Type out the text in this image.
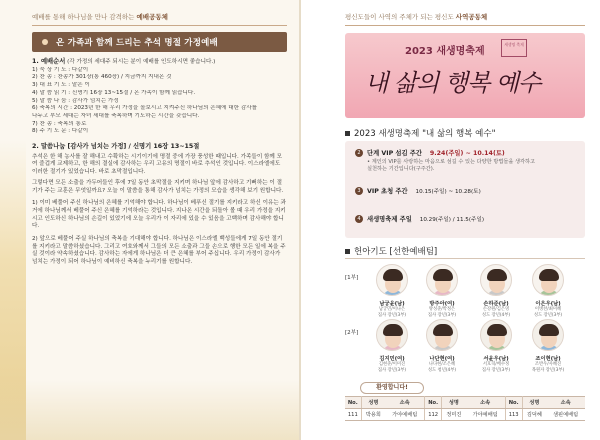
예배를 통해 하나님을 만나 감격하는 예배공동체
온 가족과 함께 드리는 추석 명절 가정예배
1. 예배순서 (각 가정의 세대주 되시는 분이 예배를 인도하시면 좋습니다.)
1) 묵 상 기 도 : 다같이
2) 찬 송 : 찬송가 301장(통 460장) / 지금까지 지내온 것
3) 대 표 기 도 : 맡은 이
4) 말 씀 읽 기 : 신명기 16장 13~15절 / 온 가족이 함께 읽습니다.
5) 말 씀 나 눔 : 감사가 넘치는 가정
6) 축복의 시간 : 2023년 한 해 우리 가정을 돌보시고 지켜주신 하나님의 은혜에 대한 감사를
나누고 부모 세대는 자녀 세대를 축복하며 기도하는 시간을 갖습니다.
7) 찬 송 : 축복의 통로
8) 주 기 도 문 : 다같이
2. 말씀나눔 [감사가 넘치는 가정] / 신명기 16장 13~15절

추석은 한 해 농사를 잘 해내고 수확하는 시기이기에 명절 중에 가장 풍성한 때입니다. 가족들이 함께 모여 즐겁게 교제하고, 한 해의 결실에 감사하는 우리 고유의 명절이 바로 추석인 것입니다. 이스라엘에도 이러한 절기가 있었습니다. 바로 초막절입니다.

그렇다면 모든 소출을 가두어들인 후에 7일 동안 초막절을 지키며 하나님 앞에 감사하고 기뻐하는 이 절기가 주는 교훈은 무엇일까요? 오늘 이 말씀을 통해 감사가 넘치는 가정의 모습을 생각해 보기 원합니다.

1) 이미 베풀어 주신 하나님의 은혜를 기억해야 합니다. 하나님이 베푸신 절기를 지키라고 하신 이유는 과거에 하나님께서 베풀어 주신 은혜를 기억하라는 것입니다. 지나온 시간을 되돌아 볼 때 우리 가정을 지키시고 인도하신 하나님의 손길이 있었기에 오늘 우리가 이 자리에 있을 수 있음을 고백하며 감사해야 합니다.

2) 앞으로 베풀어 주실 하나님의 축복을 기대해야 합니다. 하나님은 이스라엘 백성들에게 7일 동안 절기를 지키라고 말씀하셨습니다. 그리고 여호와께서 그들의 모든 소출과 그들 손으로 행한 모든 일에 복을 주실 것이라 약속하셨습니다. 감사하는 자에게 하나님은 더 큰 은혜를 부어 주십니다. 우리 가정이 감사가 넘치는 가정이 되어 하나님이 예비하신 축복을 누리기를 원합니다.

평신도들이 사역의 주체가 되는 평신도 사역공동체
2023 새생명축제
새생명 축제
내 삶의 행복 예수
2023 새생명축제 "내 삶의 행복 예수"
2	단계 VIP 섬김 주간 9.24(주일) ~ 10.14(토)
• 계인의 VIP를 사랑하는 마음으로 섬길 수 있는 다양한 방법들을 생각하고
실천하는 기간입니다(구주간).
3	VIP 초청 주간 10.15(주일) ~ 10.28(토)
4	새생명축제 주일 10.29(주일) / 11.5(주일)
헌아기도 [선한예배팀]
[1부]
[2부]
남궁윤(남)
남궁민/이나은
집사 장년(3부)
방주아(여)
방성준/박정은
집사 장년(3부)
손하준(남)
손강원/김은영
성도 장년(4부)
이은우(남)
이병찬/최미혜
성도 장년(3부)
김지민(여)
김현준/이미진
집사 장년(3부)
나단현(여)
나다현/조은혜
성도 청년(4부)
서윤우(남)
서호혁/배수정
집사 장년(3부)
조이현(남)
조반우/사혜진
목원자 장년(3부)
환영합니다!
No.	성명	소속	No.	성명	소속	No.	성명	소속
111	박용희	가야예배팀	112	정미진	가야예배팀	113	김덕혜	샘핀예배팀
